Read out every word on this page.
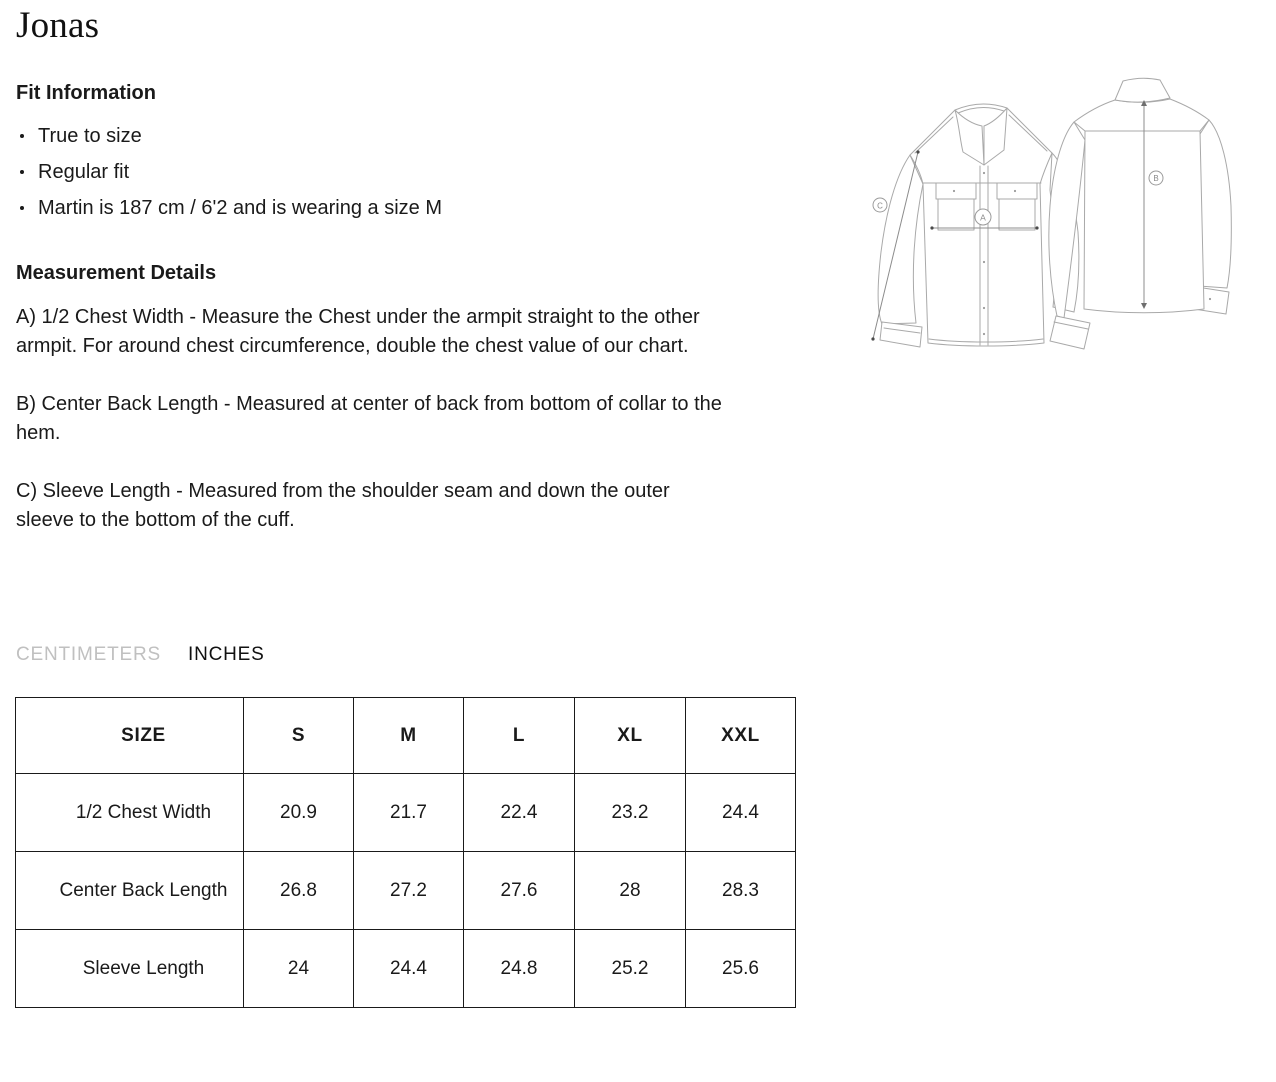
Jonas
Fit Information
True to size
Regular fit
Martin is 187 cm / 6'2 and is wearing a size M
Measurement Details

A) 1/2 Chest Width - Measure the Chest under the armpit straight to the other armpit. For around chest circumference, double the chest value of our chart.

B) Center Back Length - Measured at center of back from bottom of collar to the hem.

C) Sleeve Length - Measured from the shoulder seam and down the outer sleeve to the bottom of the cuff.

CENTIMETERS INCHES
SIZE	S	M	L	XL	XXL
1/2 Chest Width	20.9	21.7	22.4	23.2	24.4
Center Back Length	26.8	27.2	27.6	28	28.3
Sleeve Length	24	24.4	24.8	25.2	25.6
B
A
C
